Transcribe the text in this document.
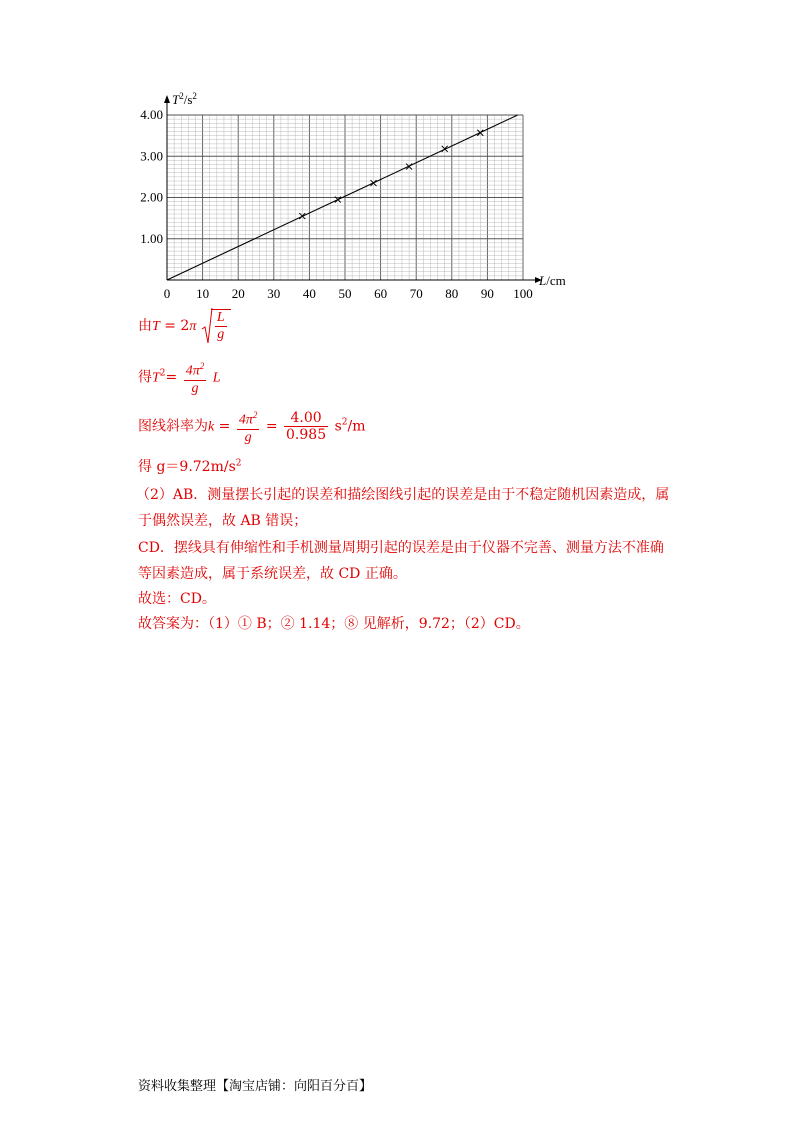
0 10 20 30 40 50 60 70 80 90 100
1.00
2.00
3.00
4.00
$T^2/s^2$
L/cm
由$T = 2\pi \frac{L}{g}$
得$T^2= \frac{4\pi^2}{g}$ L
图线斜率为$k = \frac{4\pi^2}{g} = \frac{4.00}{0.985} s^2/m$
得 $g=9.72m/s^2$
（2）AB．测量摆长引起的误差和描绘图线引起的误差是由于不稳定随机因素造成，属
于偶然误差，故 AB 错误；
CD．摆线具有伸缩性和手机测量周期引起的误差是由于仪器不完善、测量方法不准确
等因素造成，属于系统误差，故 CD 正确。
故选：CD。
故答案为：（1）① B；② 1.14；⑧ 见解析，9.72；（2）CD。
资料收集整理【淘宝店铺：向阳百分百】
